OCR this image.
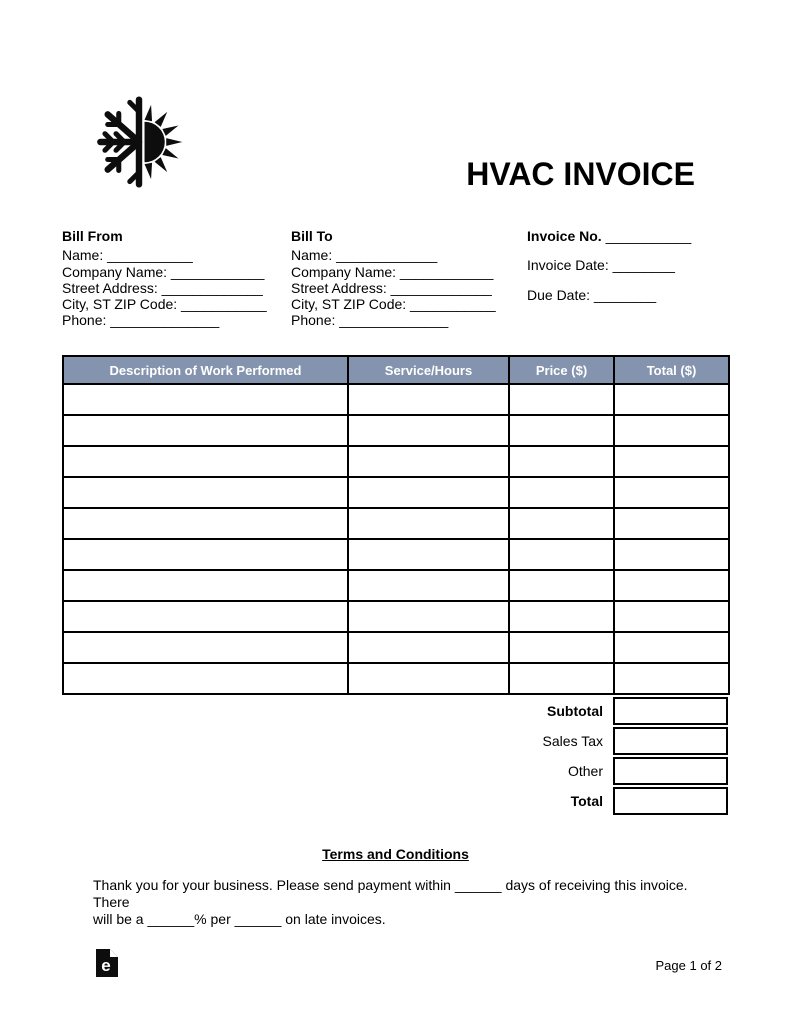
HVAC INVOICE
Bill From
Name: ___________
Company Name: ____________
Street Address: _____________
City, ST ZIP Code: ___________
Phone: ______________
Bill To
Name: _____________
Company Name: ____________
Street Address: _____________
City, ST ZIP Code: ___________
Phone: ______________
Invoice No. ___________
Invoice Date: ________
Due Date: ________
Description of Work Performed	Service/Hours	Price ($)	Total ($)

Subtotal
Sales Tax
Other
Total
Terms and Conditions
Thank you for your business. Please send payment within ______ days of receiving this invoice. There
will be a ______% per ______ on late invoices.
e	Page 1 of 2
